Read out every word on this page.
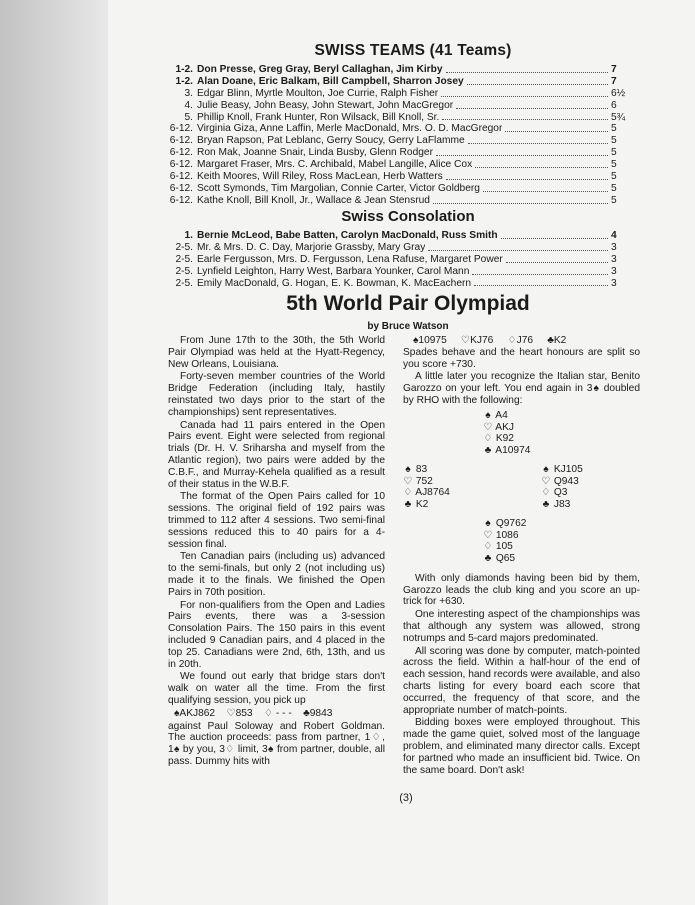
SWISS TEAMS (41 Teams)
1-2. Don Presse, Greg Gray, Beryl Callaghan, Jim Kirby	7
1-2. Alan Doane, Eric Balkam, Bill Campbell, Sharron Josey	7
3. Edgar Blinn, Myrtle Moulton, Joe Currie, Ralph Fisher	6½
4. Julie Beasy, John Beasy, John Stewart, John MacGregor	6
5. Phillip Knoll, Frank Hunter, Ron Wilsack, Bill Knoll, Sr.	5¾
6-12. Virginia Giza, Anne Laffin, Merle MacDonald, Mrs. O. D. MacGregor	5
6-12. Bryan Rapson, Pat Leblanc, Gerry Soucy, Gerry LaFlamme	5
6-12. Ron Mak, Joanne Snair, Linda Busby, Glenn Rodger	5
6-12. Margaret Fraser, Mrs. C. Archibald, Mabel Langille, Alice Cox	5
6-12. Keith Moores, Will Riley, Ross MacLean, Herb Watters	5
6-12. Scott Symonds, Tim Margolian, Connie Carter, Victor Goldberg	5
6-12. Kathe Knoll, Bill Knoll, Jr., Wallace & Jean Stensrud	5
Swiss Consolation
1. Bernie McLeod, Babe Batten, Carolyn MacDonald, Russ Smith	4
2-5. Mr. & Mrs. D. C. Day, Marjorie Grassby, Mary Gray	3
2-5. Earle Fergusson, Mrs. D. Fergusson, Lena Rafuse, Margaret Power	3
2-5. Lynfield Leighton, Harry West, Barbara Younker, Carol Mann	3
2-5. Emily MacDonald, G. Hogan, E. K. Bowman, K. MacEachern	3
5th World Pair Olympiad
by Bruce Watson

From June 17th to the 30th, the 5th World Pair Olympiad was held at the Hyatt-Regency, New Orleans, Louisiana.

Forty-seven member countries of the World Bridge Federation (including Italy, hastily reinstated two days prior to the start of the championships) sent representatives.

Canada had 11 pairs entered in the Open Pairs event. Eight were selected from regional trials (Dr. H. V. Sriharsha and myself from the Atlantic region), two pairs were added by the C.B.F., and Murray-Kehela qualified as a result of their status in the W.B.F.

The format of the Open Pairs called for 10 sessions. The original field of 192 pairs was trimmed to 112 after 4 sessions. Two semi-final sessions reduced this to 40 pairs for a 4-session final.

Ten Canadian pairs (including us) advanced to the semi-finals, but only 2 (not including us) made it to the finals. We finished the Open Pairs in 70th position.

For non-qualifiers from the Open and Ladies Pairs events, there was a 3-session Consolation Pairs. The 150 pairs in this event included 9 Canadian pairs, and 4 placed in the top 25. Canadians were 2nd, 6th, 13th, and us in 20th.

We found out early that bridge stars don't walk on water all the time. From the first qualifying session, you pick up

♠AKJ862 ♡853 ♢ - - - ♣9843

against Paul Soloway and Robert Goldman. The auction proceeds: pass from partner, 1♢, 1♠ by you, 3♢ limit, 3♠ from partner, double, all pass. Dummy hits with

♠10975 ♡KJ76 ♢J76 ♣K2

Spades behave and the heart honours are split so you score +730.

A little later you recognize the Italian star, Benito Garozzo on your left. You end again in 3♠ doubled by RHO with the following:

♠ A4
♡ AKJ
♢ K92
♣ A10974
♠ 83
♡ 752
♢ AJ8764
♣ K2
♠ KJ105
♡ Q943
♢ Q3
♣ J83
♠ Q9762
♡ 1086
♢ 105
♣ Q65

With only diamonds having been bid by them, Garozzo leads the club king and you score an up-trick for +630.

One interesting aspect of the championships was that although any system was allowed, strong notrumps and 5-card majors predominated.

All scoring was done by computer, match-pointed across the field. Within a half-hour of the end of each session, hand records were available, and also charts listing for every board each score that occurred, the frequency of that score, and the appropriate number of match-points.

Bidding boxes were employed throughout. This made the game quiet, solved most of the language problem, and eliminated many director calls. Except for partned who made an insufficient bid. Twice. On the same board. Don't ask!

(3)
